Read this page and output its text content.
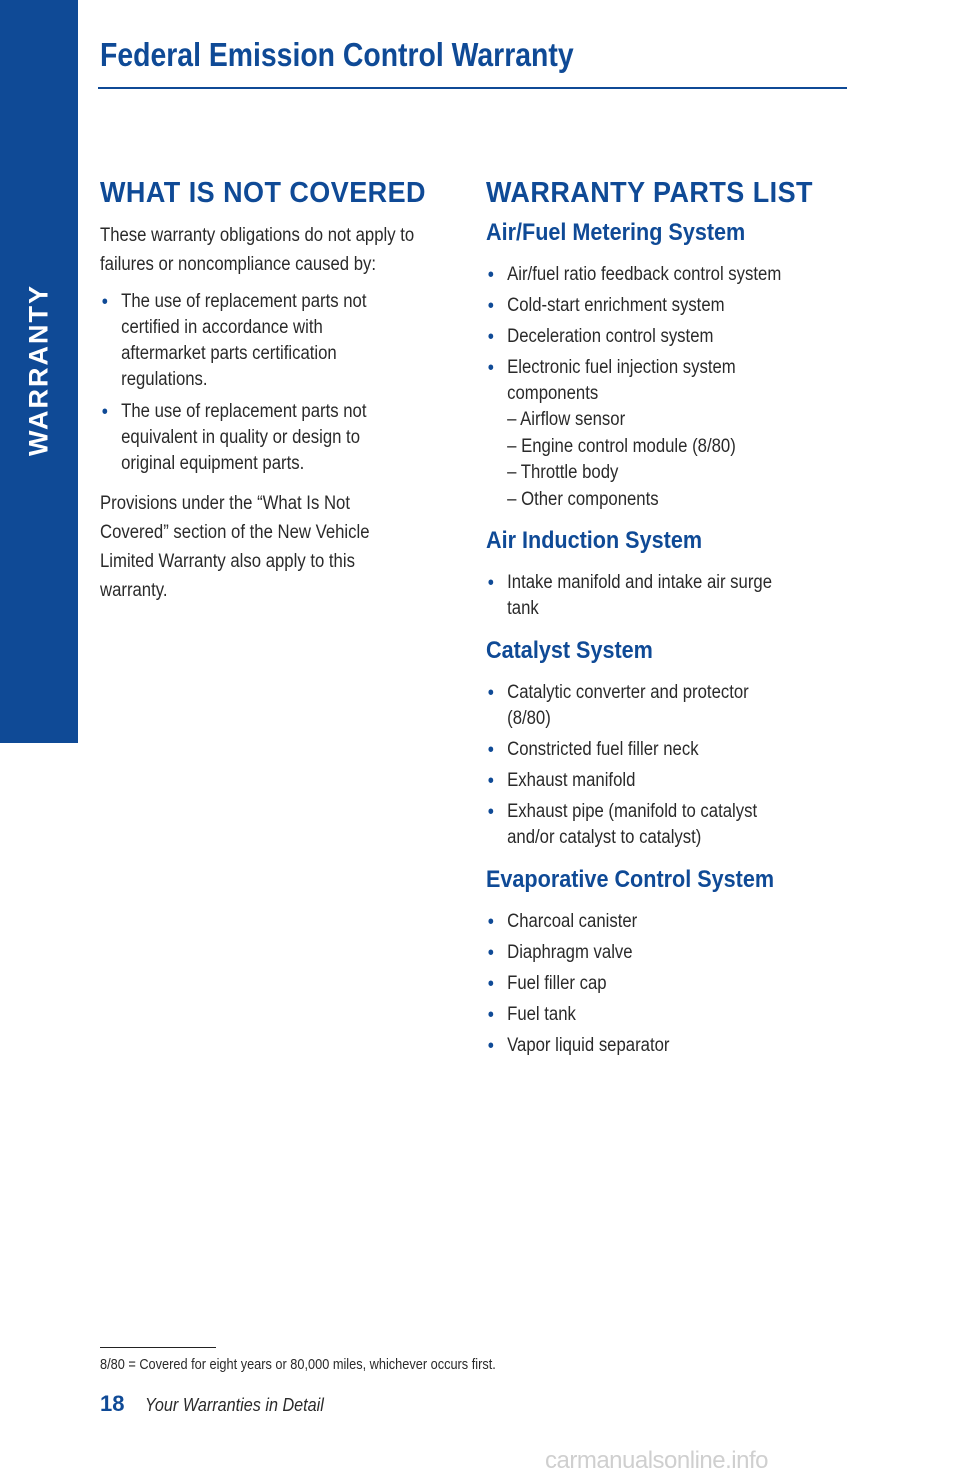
WARRANTY
Federal Emission Control Warranty
WHAT IS NOT COVERED
These warranty obligations do not apply to
failures or noncompliance caused by:
• The use of replacement parts not
certified in accordance with
aftermarket parts certification
regulations.
• The use of replacement parts not
equivalent in quality or design to
original equipment parts.
Provisions under the “What Is Not
Covered” section of the New Vehicle
Limited Warranty also apply to this
warranty.
WARRANTY PARTS LIST
Air/Fuel Metering System
• Air/fuel ratio feedback control system
• Cold-start enrichment system
• Deceleration control system
• Electronic fuel injection system
components
– Airflow sensor
– Engine control module (8/80)
– Throttle body
– Other components
Air Induction System
• Intake manifold and intake air surge
tank
Catalyst System
• Catalytic converter and protector
(8/80)
• Constricted fuel filler neck
• Exhaust manifold
• Exhaust pipe (manifold to catalyst
and/or catalyst to catalyst)
Evaporative Control System
• Charcoal canister
• Diaphragm valve
• Fuel filler cap
• Fuel tank
• Vapor liquid separator
8/80 = Covered for eight years or 80,000 miles, whichever occurs first.
18 Your Warranties in Detail
carmanualsonline.info
